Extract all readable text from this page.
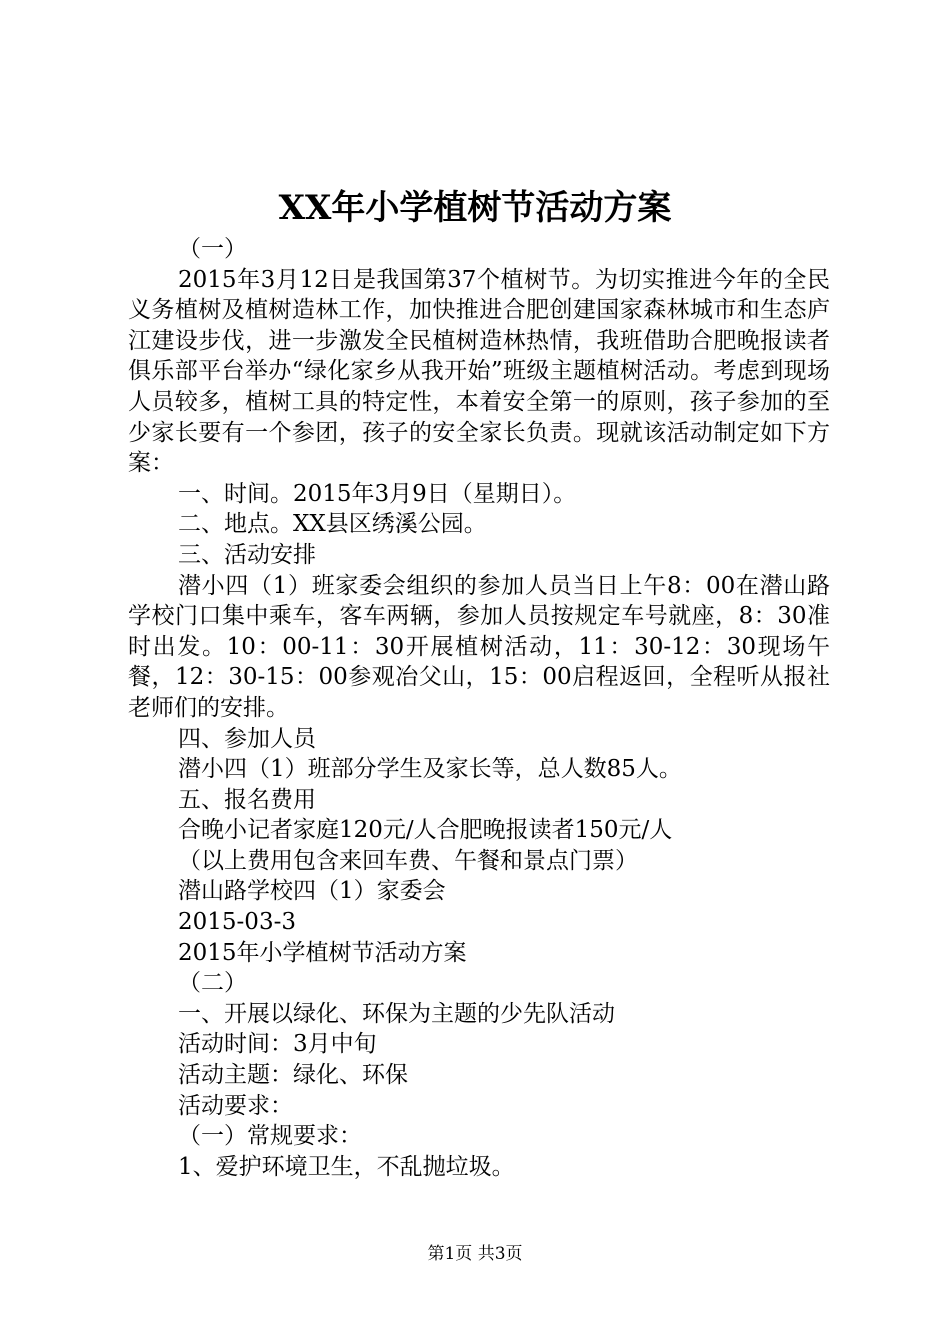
XX年小学植树节活动方案

（一）

2015年3月12日是我国第37个植树节。为切实推进今年的全民义务植树及植树造林工作，加快推进合肥创建国家森林城市和生态庐江建设步伐，进一步激发全民植树造林热情，我班借助合肥晚报读者俱乐部平台举办“绿化家乡从我开始”班级主题植树活动。考虑到现场人员较多，植树工具的特定性，本着安全第一的原则，孩子参加的至少家长要有一个参团，孩子的安全家长负责。现就该活动制定如下方案：

一、时间。2015年3月9日（星期日）。

二、地点。XX县区绣溪公园。

三、活动安排

潜小四（1）班家委会组织的参加人员当日上午8：00在潜山路学校门口集中乘车，客车两辆，参加人员按规定车号就座，8：30准时出发。10：00-11：30开展植树活动，11：30-12：30现场午餐，12：30-15：00参观冶父山，15：00启程返回，全程听从报社老师们的安排。

四、参加人员

潜小四（1）班部分学生及家长等，总人数85人。

五、报名费用

合晚小记者家庭120元/人合肥晚报读者150元/人

（以上费用包含来回车费、午餐和景点门票）

潜山路学校四（1）家委会

2015-03-3

2015年小学植树节活动方案

（二）

一、开展以绿化、环保为主题的少先队活动

活动时间：3月中旬

活动主题：绿化、环保

活动要求：

（一）常规要求：

1、爱护环境卫生，不乱抛垃圾。

第1页 共3页
